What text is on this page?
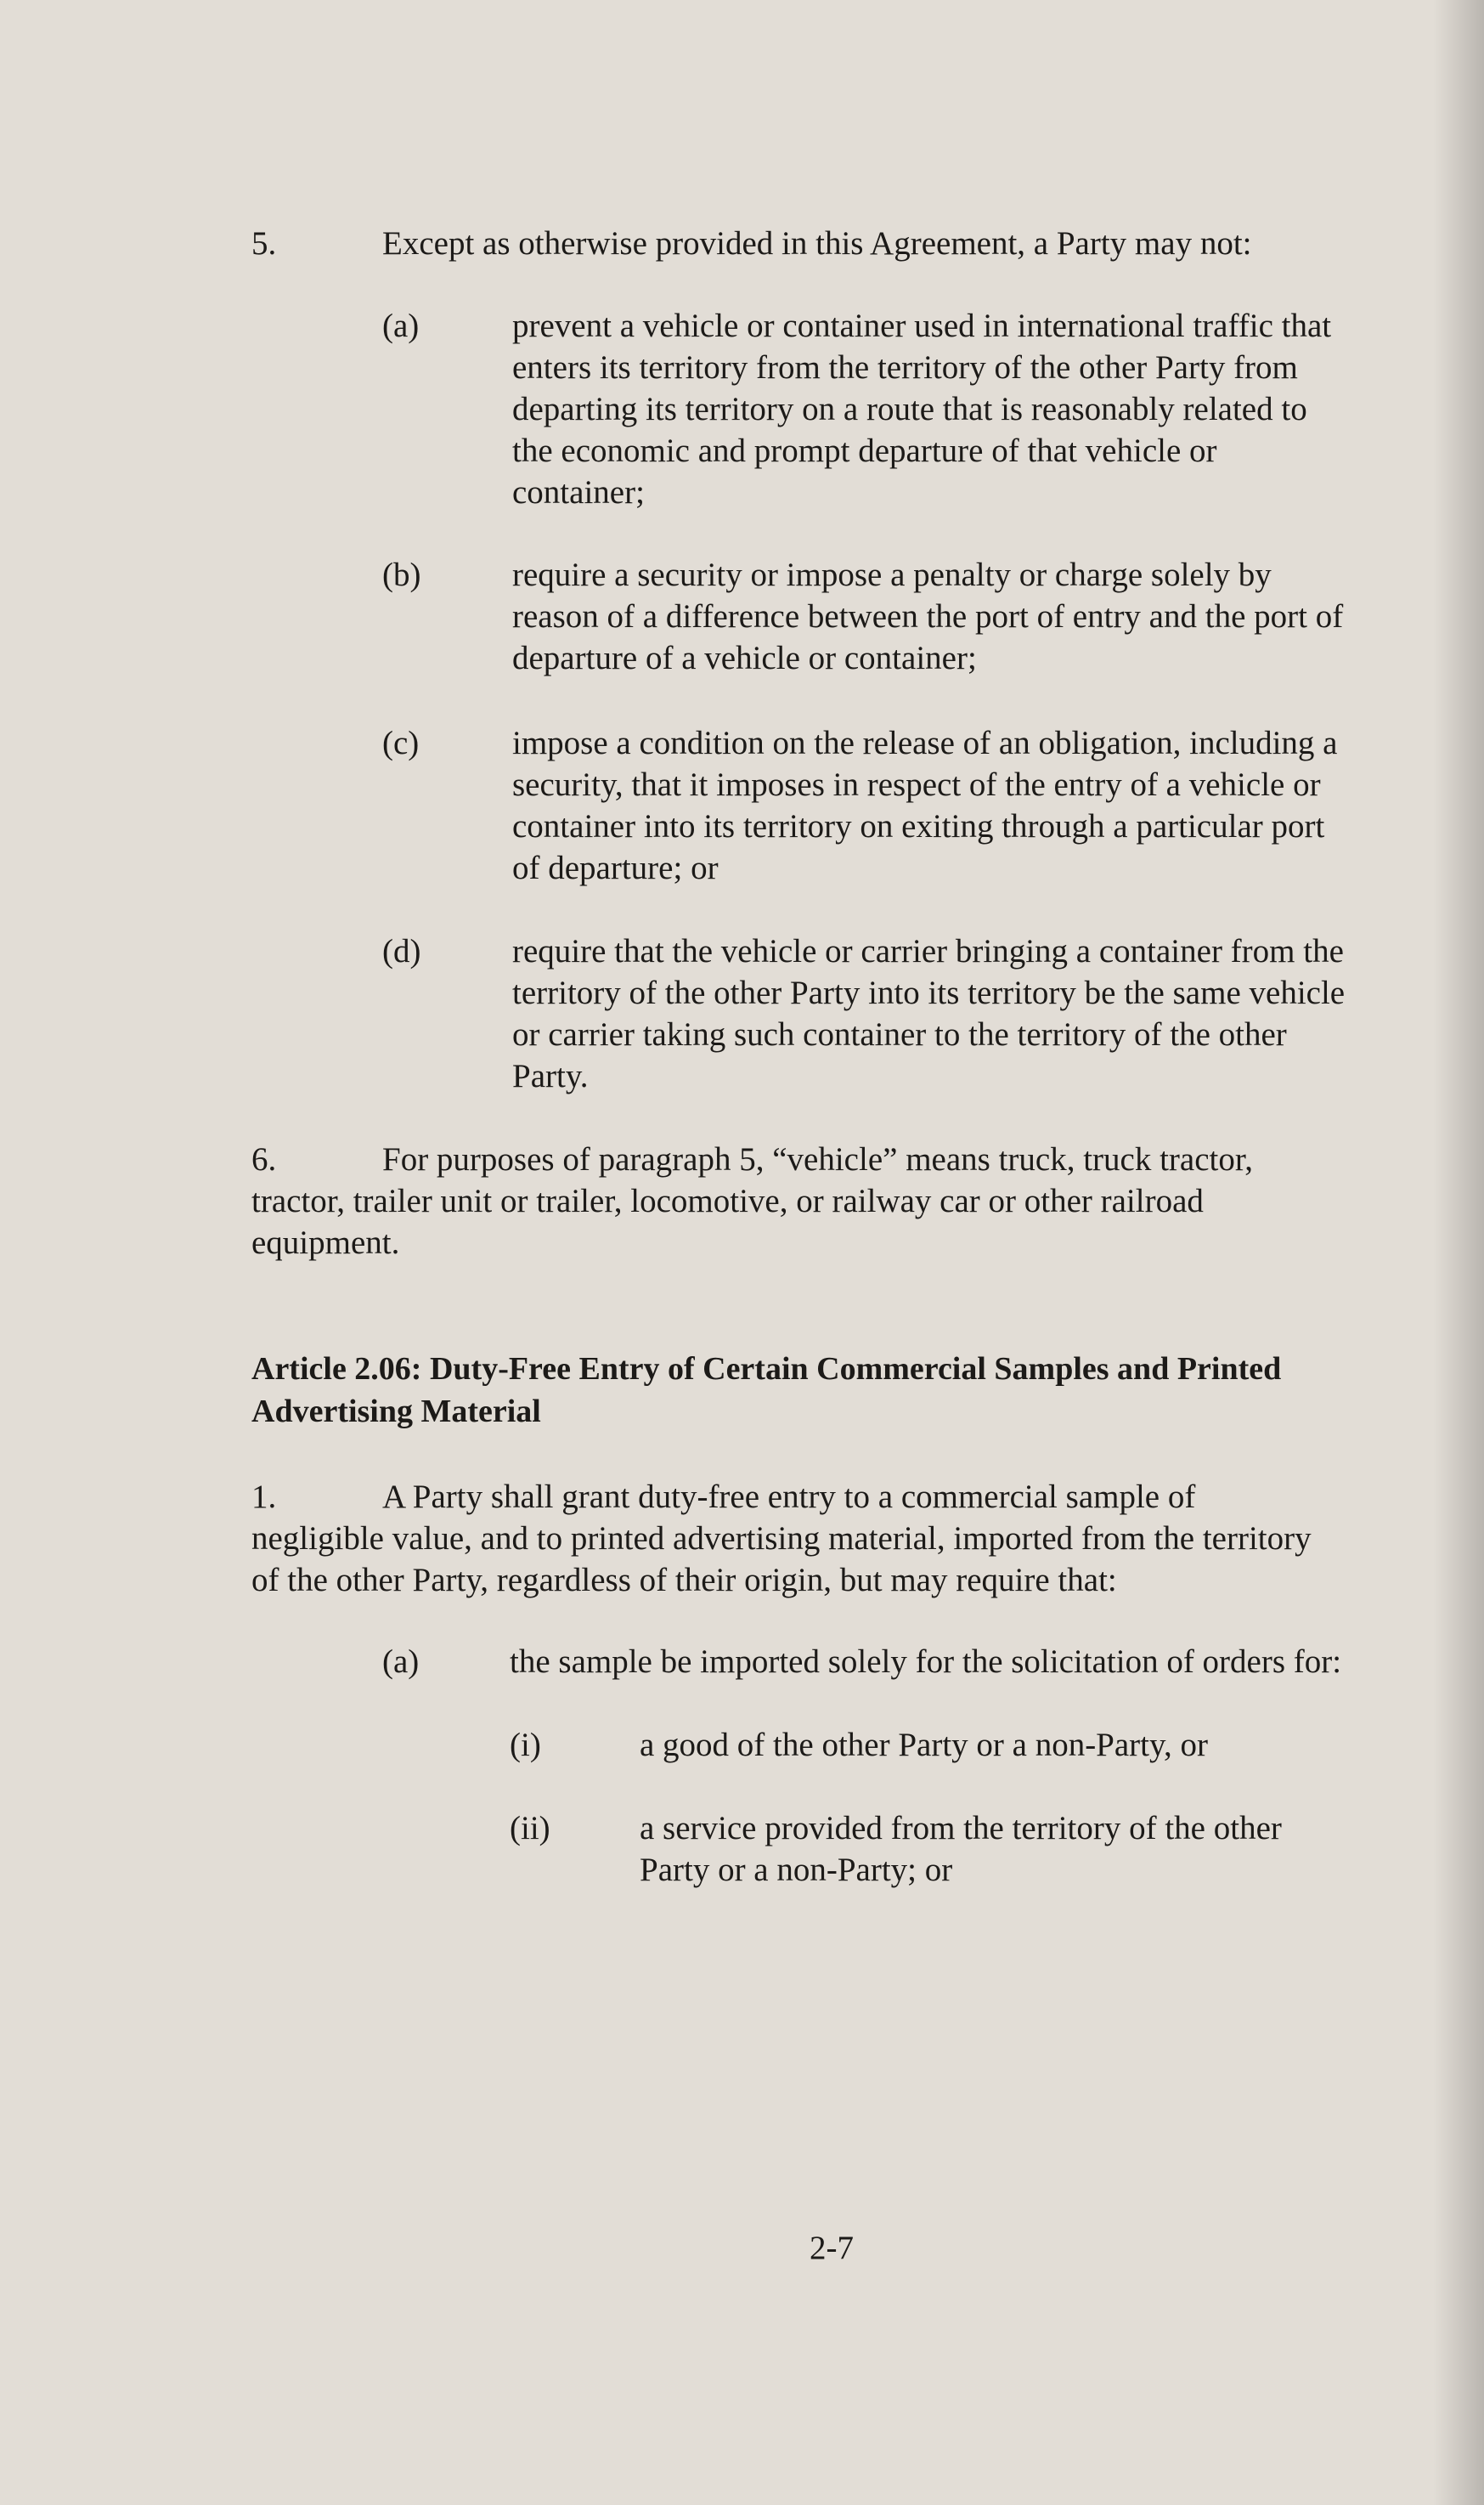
5.	Except as otherwise provided in this Agreement, a Party may not:
(a)	prevent a vehicle or container used in international traffic that
enters its territory from the territory of the other Party from
departing its territory on a route that is reasonably related to
the economic and prompt departure of that vehicle or
container;
(b)	require a security or impose a penalty or charge solely by
reason of a difference between the port of entry and the port of
departure of a vehicle or container;
(c)	impose a condition on the release of an obligation, including a
security, that it imposes in respect of the entry of a vehicle or
container into its territory on exiting through a particular port
of departure; or
(d)	require that the vehicle or carrier bringing a container from the
territory of the other Party into its territory be the same vehicle
or carrier taking such container to the territory of the other
Party.
6.	For purposes of paragraph 5, “vehicle” means truck, truck tractor,
tractor, trailer unit or trailer, locomotive, or railway car or other railroad
equipment.
Article 2.06: Duty-Free Entry of Certain Commercial Samples and Printed
Advertising Material
1.	A Party shall grant duty-free entry to a commercial sample of
negligible value, and to printed advertising material, imported from the territory
of the other Party, regardless of their origin, but may require that:
(a)	the sample be imported solely for the solicitation of orders for:
(i)	a good of the other Party or a non-Party, or
(ii)	a service provided from the territory of the other
Party or a non-Party; or
2-7
